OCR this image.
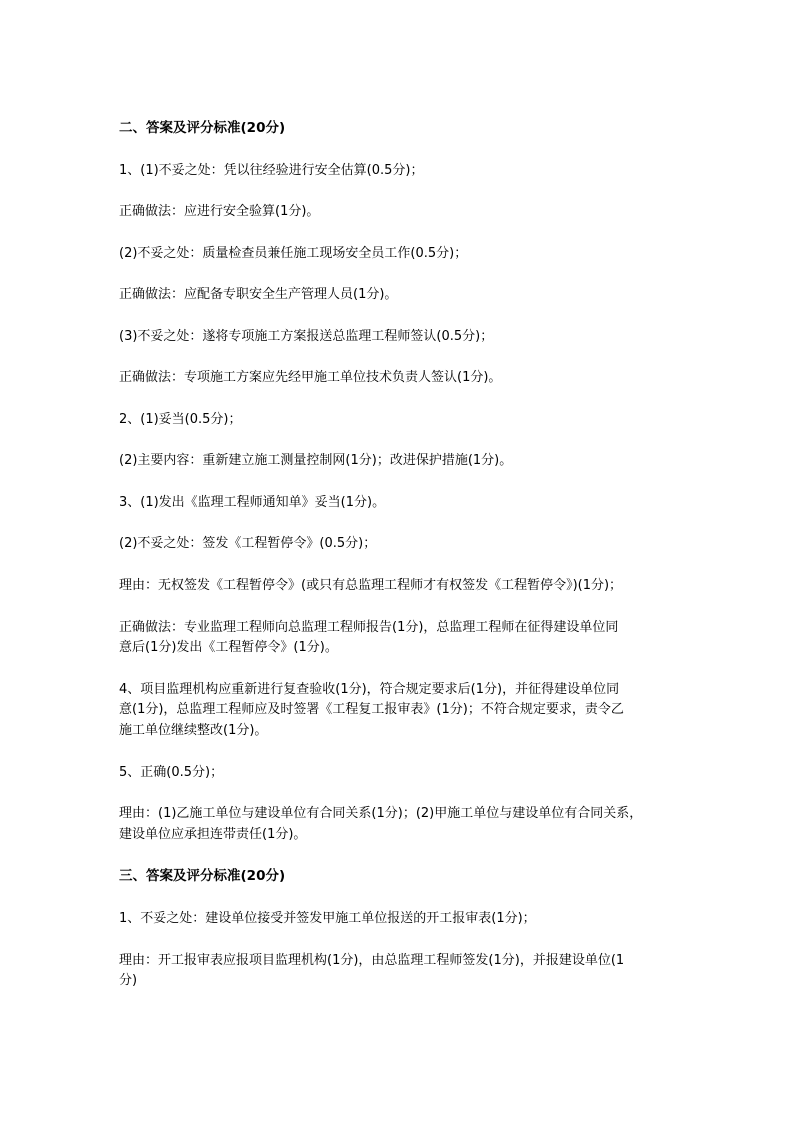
二、答案及评分标准(20分)
1、(1)不妥之处：凭以往经验进行安全估算(0.5分)；
正确做法：应进行安全验算(1分)。
(2)不妥之处：质量检查员兼任施工现场安全员工作(0.5分)；
正确做法：应配备专职安全生产管理人员(1分)。
(3)不妥之处：遂将专项施工方案报送总监理工程师签认(0.5分)；
正确做法：专项施工方案应先经甲施工单位技术负责人签认(1分)。
2、(1)妥当(0.5分)；
(2)主要内容：重新建立施工测量控制网(1分)；改进保护措施(1分)。
3、(1)发出《监理工程师通知单》妥当(1分)。
(2)不妥之处：签发《工程暂停令》(0.5分)；
理由：无权签发《工程暂停令》(或只有总监理工程师才有权签发《工程暂停令》)(1分)；
正确做法：专业监理工程师向总监理工程师报告(1分)，总监理工程师在征得建设单位同
意后(1分)发出《工程暂停令》(1分)。
4、项目监理机构应重新进行复查验收(1分)，符合规定要求后(1分)，并征得建设单位同
意(1分)，总监理工程师应及时签署《工程复工报审表》(1分)；不符合规定要求，责令乙
施工单位继续整改(1分)。
5、正确(0.5分)；
理由：(1)乙施工单位与建设单位有合同关系(1分)；(2)甲施工单位与建设单位有合同关系，
建设单位应承担连带责任(1分)。
三、答案及评分标准(20分)
1、不妥之处：建设单位接受并签发甲施工单位报送的开工报审表(1分)；
理由：开工报审表应报项目监理机构(1分)，由总监理工程师签发(1分)，并报建设单位(1
分)
